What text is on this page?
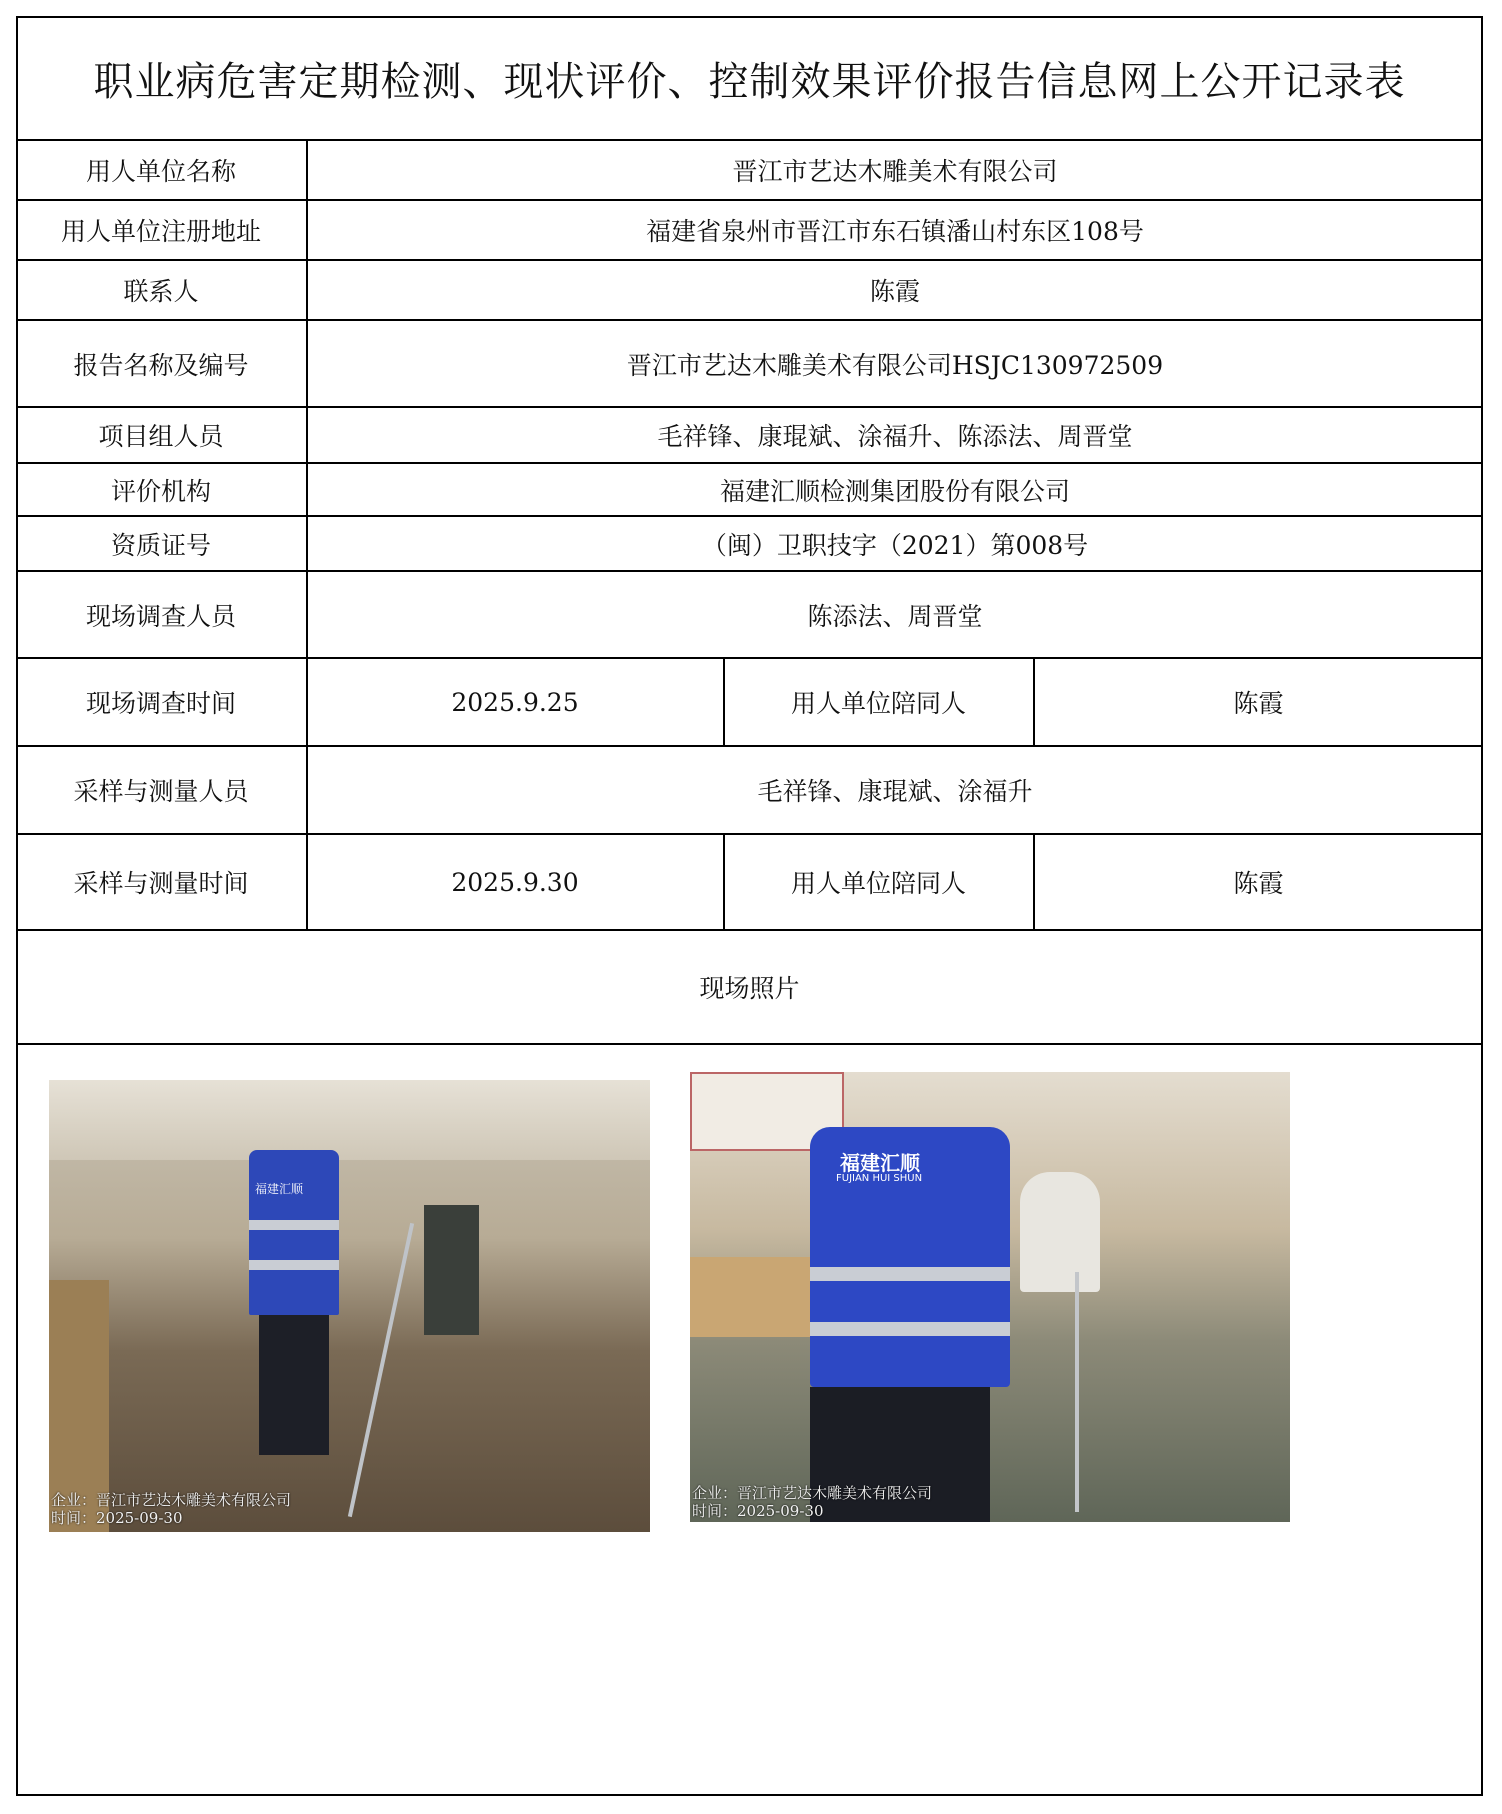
职业病危害定期检测、现状评价、控制效果评价报告信息网上公开记录表
用人单位名称	晋江市艺达木雕美术有限公司
用人单位注册地址	福建省泉州市晋江市东石镇潘山村东区108号
联系人	陈霞
报告名称及编号	晋江市艺达木雕美术有限公司HSJC130972509
项目组人员	毛祥锋、康琨斌、涂福升、陈添法、周晋堂
评价机构	福建汇顺检测集团股份有限公司
资质证号	（闽）卫职技字（2021）第008号
现场调查人员	陈添法、周晋堂
现场调查时间	2025.9.25	用人单位陪同人	陈霞
采样与测量人员	毛祥锋、康琨斌、涂福升
采样与测量时间	2025.9.30	用人单位陪同人	陈霞
现场照片
福建汇顺
企业：晋江市艺达木雕美术有限公司
时间：2025-09-30
福建汇顺
FUJIAN HUI SHUN
企业：晋江市艺达木雕美术有限公司
时间：2025-09-30
